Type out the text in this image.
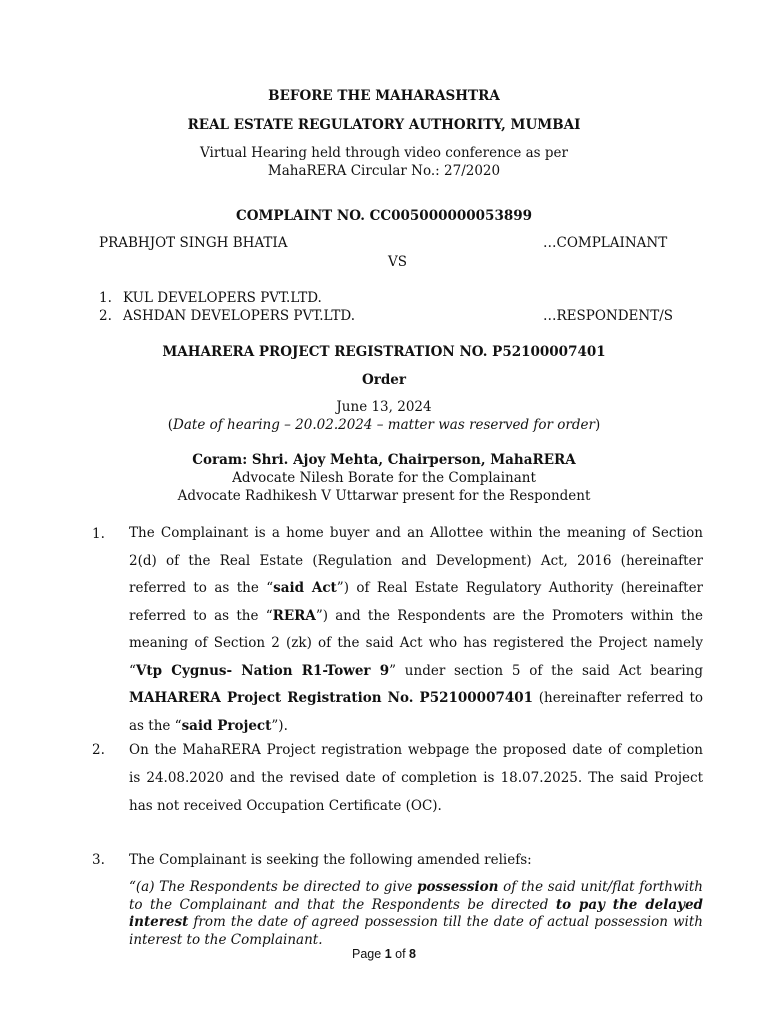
BEFORE THE MAHARASHTRA
REAL ESTATE REGULATORY AUTHORITY, MUMBAI
Virtual Hearing held through video conference as per
MahaRERA Circular No.: 27/2020
COMPLAINT NO. CC005000000053899
PRABHJOT SINGH BHATIA	…COMPLAINANT
VS
1. KUL DEVELOPERS PVT.LTD.
2. ASHDAN DEVELOPERS PVT.LTD.	…RESPONDENT/S
MAHARERA PROJECT REGISTRATION NO. P52100007401
Order
June 13, 2024
(Date of hearing – 20.02.2024 – matter was reserved for order)
Coram: Shri. Ajoy Mehta, Chairperson, MahaRERA
Advocate Nilesh Borate for the Complainant
Advocate Radhikesh V Uttarwar present for the Respondent
1. The Complainant is a home buyer and an Allottee within the meaning of Section 2(d) of the Real Estate (Regulation and Development) Act, 2016 (hereinafter referred to as the “said Act”) of Real Estate Regulatory Authority (hereinafter referred to as the “RERA”) and the Respondents are the Promoters within the meaning of Section 2 (zk) of the said Act who has registered the Project namely “Vtp Cygnus- Nation R1-Tower 9” under section 5 of the said Act bearing MAHARERA Project Registration No. P52100007401 (hereinafter referred to as the “said Project”).
2. On the MahaRERA Project registration webpage the proposed date of completion is 24.08.2020 and the revised date of completion is 18.07.2025. The said Project has not received Occupation Certificate (OC).
3. The Complainant is seeking the following amended reliefs:
“(a) The Respondents be directed to give possession of the said unit/flat forthwith to the Complainant and that the Respondents be directed to pay the delayed interest from the date of agreed possession till the date of actual possession with interest to the Complainant.
Page 1 of 8
